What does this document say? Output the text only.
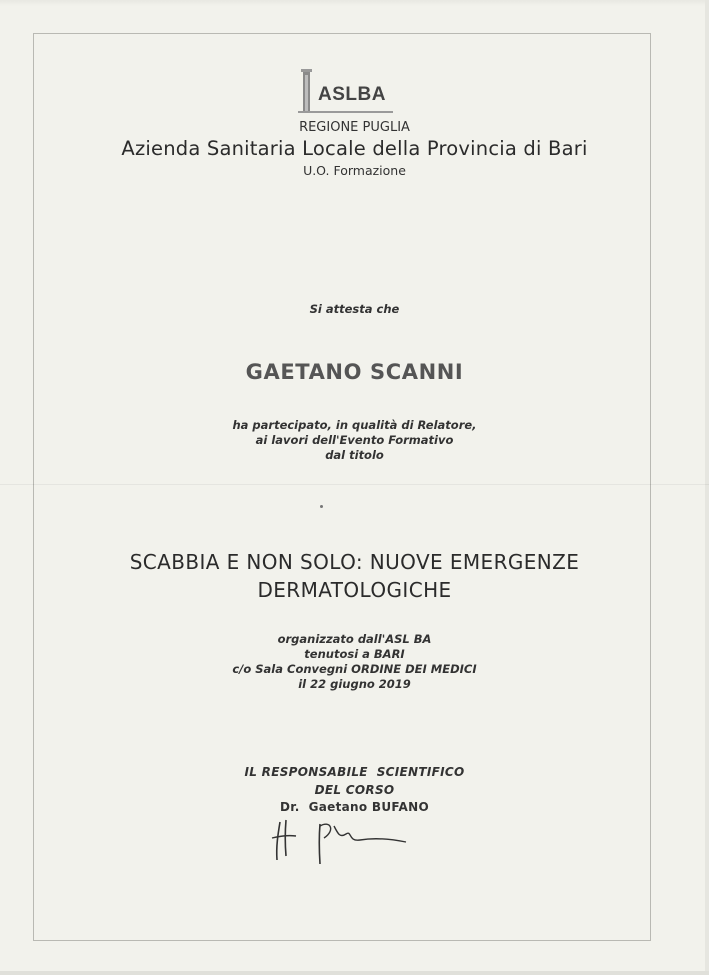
ASLBA
REGIONE PUGLIA
Azienda Sanitaria Locale della Provincia di Bari
U.O. Formazione
Si attesta che
GAETANO SCANNI
ha partecipato, in qualità di Relatore,
ai lavori dell'Evento Formativo
dal titolo
SCABBIA E NON SOLO: NUOVE EMERGENZE
DERMATOLOGICHE
organizzato dall'ASL BA
tenutosi a BARI
c/o Sala Convegni ORDINE DEI MEDICI
il 22 giugno 2019
IL RESPONSABILE  SCIENTIFICO
DEL CORSO
Dr.  Gaetano BUFANO
